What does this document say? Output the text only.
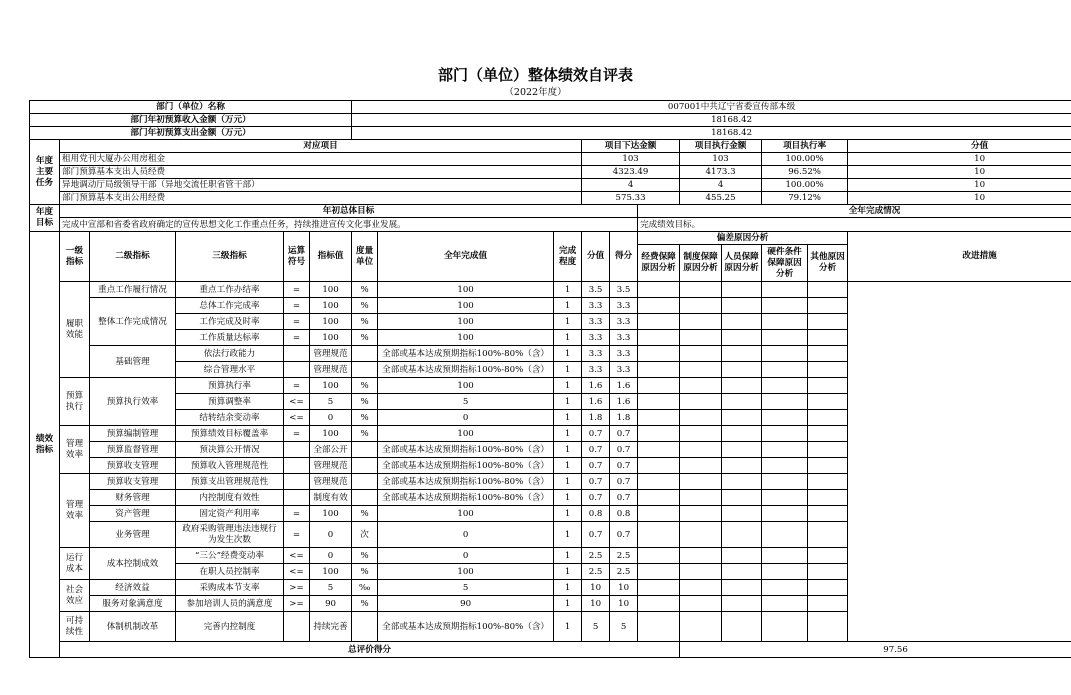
部门（单位）整体绩效自评表
（2022年度）
部门（单位）名称						007001中共辽宁省委宣传部本级											
部门年初预算收入金额（万元）						18168.42											
部门年初预算支出金额（万元）						18168.42											
年度主要任务	对应项目								项目下达金额			项目执行金额		项目执行率		分值	
	租用党刊大厦办公用房租金								103			103		100.00%		10	
	部门预算基本支出人员经费								4323.49			4173.3		96.52%		10	
	异地调动厅局级领导干部（异地交流任职省管干部）								4			4		100.00%		10	
	部门预算基本支出公用经费								575.33			455.25		79.12%		10	
年度目标	年初总体目标										全年完成情况						
	完成中宣部和省委省政府确定的宣传思想文化工作重点任务，持续推进宣传文化事业发展。										完成绩效目标。						
绩效指标	一级指标	二级指标	三级指标	运算符号	指标值	度量单位	全年完成值	完成程度	分值	得分	偏差原因分析					改进措施	
											经费保障原因分析	制度保障原因分析	人员保障原因分析	硬件条件保障原因分析	其他原因分析		
	履职效能	重点工作履行情况	重点工作办结率	=	100	%	100	1	3.5	3.5							
		整体工作完成情况	总体工作完成率	=	100	%	100	1	3.3	3.3							
			工作完成及时率	=	100	%	100	1	3.3	3.3							
			工作质量达标率	=	100	%	100	1	3.3	3.3							
		基础管理	依法行政能力		管理规范		全部或基本达成预期指标100%-80%（含）	1	3.3	3.3							
			综合管理水平		管理规范		全部或基本达成预期指标100%-80%（含）	1	3.3	3.3							
	预算执行	预算执行效率	预算执行率	=	100	%	100	1	1.6	1.6							
			预算调整率	<=	5	%	5	1	1.6	1.6							
			结转结余变动率	<=	0	%	0	1	1.8	1.8							
	管理效率	预算编制管理	预算绩效目标覆盖率	=	100	%	100	1	0.7	0.7							
		预算监督管理	预决算公开情况		全部公开		全部或基本达成预期指标100%-80%（含）	1	0.7	0.7							
		预算收支管理	预算收入管理规范性		管理规范		全部或基本达成预期指标100%-80%（含）	1	0.7	0.7							
	管理效率	预算收支管理	预算支出管理规范性		管理规范		全部或基本达成预期指标100%-80%（含）	1	0.7	0.7							
		财务管理	内控制度有效性		制度有效		全部或基本达成预期指标100%-80%（含）	1	0.7	0.7							
		资产管理	固定资产利用率	=	100	%	100	1	0.8	0.8							
		业务管理	政府采购管理违法违规行为发生次数	=	0	次	0	1	0.7	0.7							
	运行成本	成本控制成效	“三公”经费变动率	<=	0	%	0	1	2.5	2.5							
			在职人员控制率	<=	100	%	100	1	2.5	2.5							
	社会效应	经济效益	采购成本节支率	>=	5	‰	5	1	10	10							
		服务对象满意度	参加培训人员的满意度	>=	90	%	90	1	10	10							
	可持续性	体制机制改革	完善内控制度		持续完善		全部或基本达成预期指标100%-80%（含）	1	5	5							
	总评价得分											97.56					
